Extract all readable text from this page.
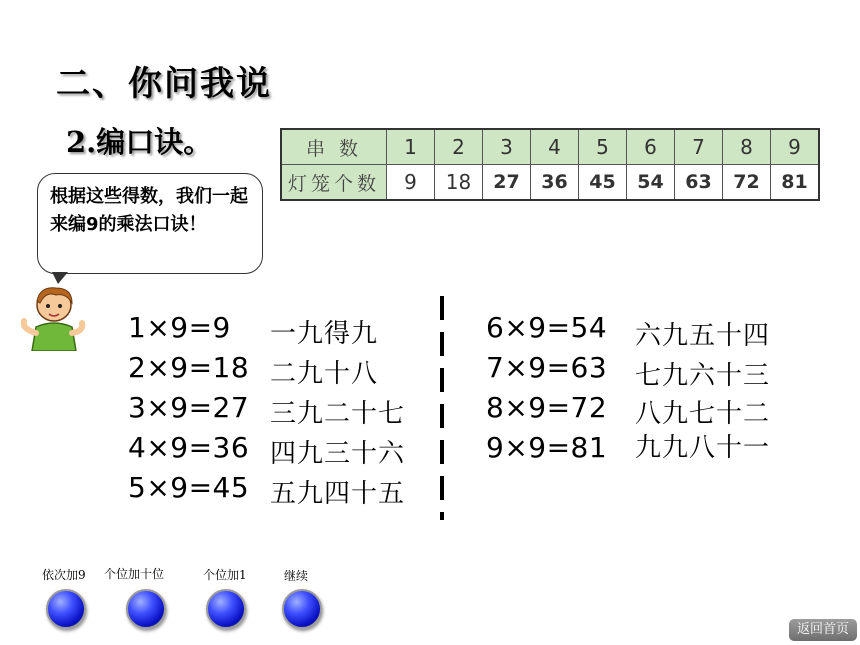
二、你问我说
2.编口诀。	串 数	1	2	3	4	5	6	7	8	9
灯笼个数	9	18	27	36	45	54	63	72	81
根据这些得数，我们一起来编9的乘法口诀！
1×9=9 一九得九
2×9=18 二九十八
3×9=27 三九二十七
4×9=36 四九三十六
5×9=45 五九四十五
6×9=54 六九五十四
7×9=63 七九六十三
8×9=72 八九七十二
9×9=81 九九八十一
依次加9 个位加十位	个位加1	继续
返回首页
